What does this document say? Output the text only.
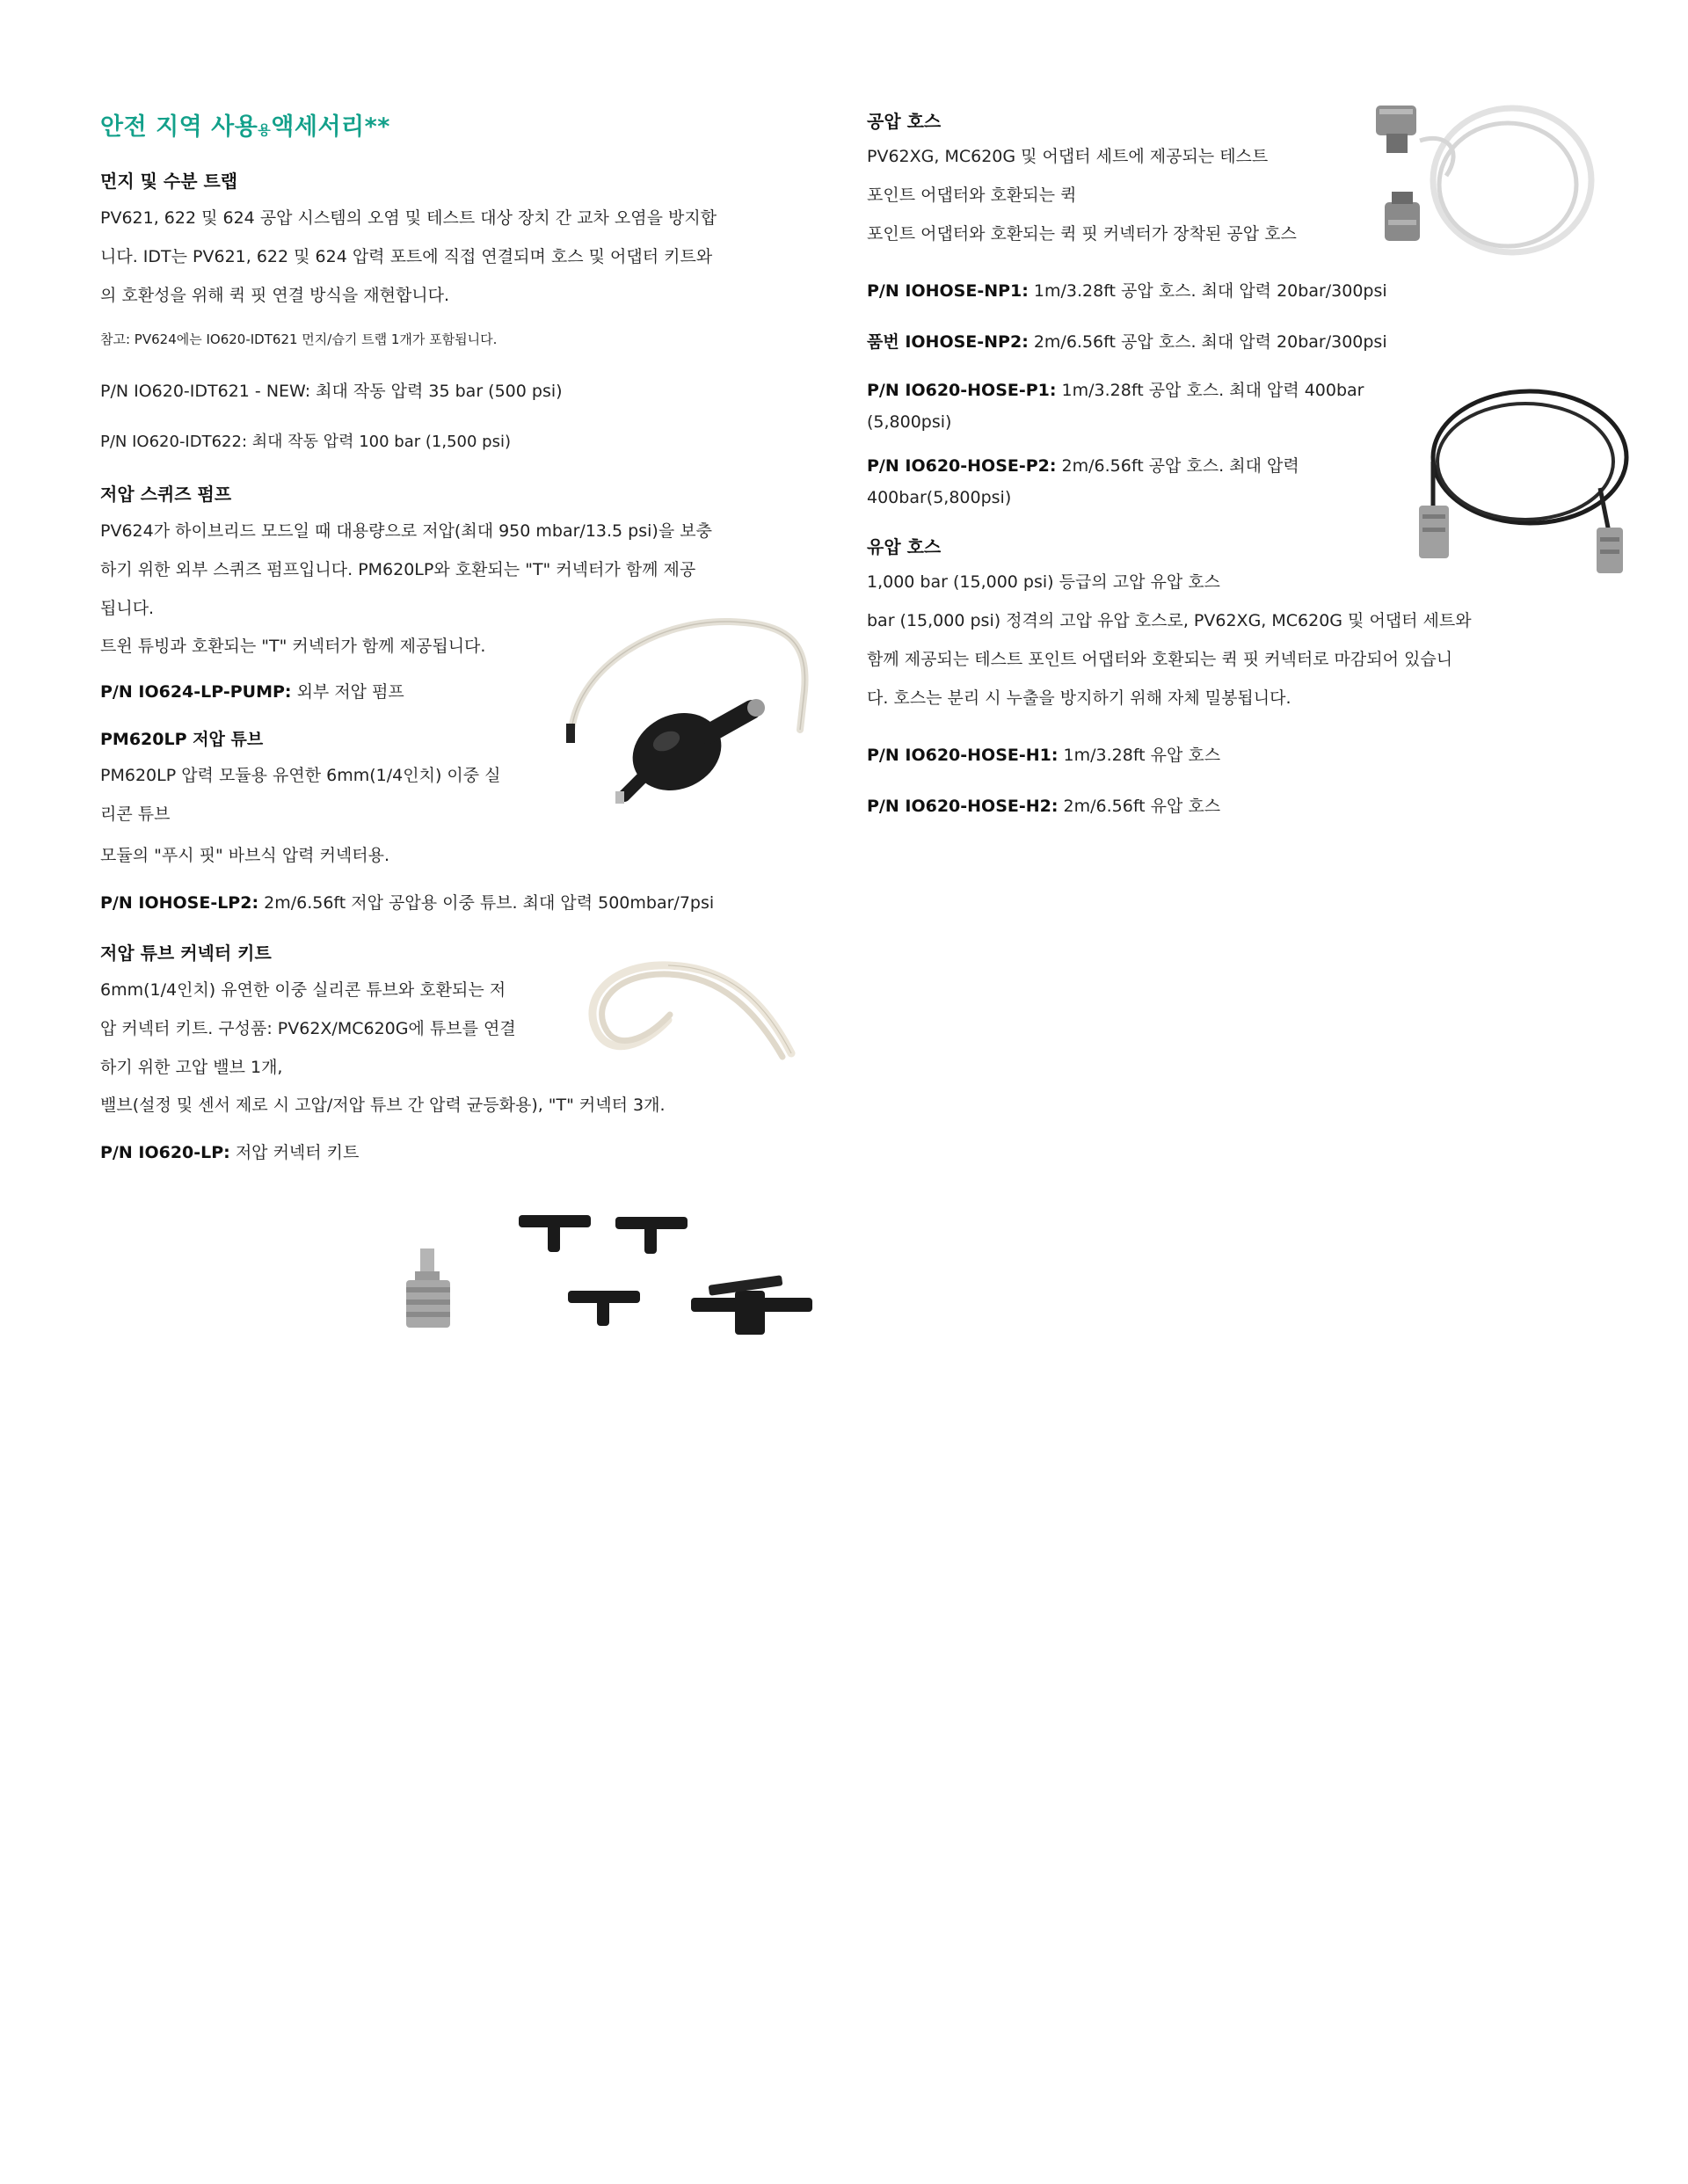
안전 지역 사용용액세서리**
먼지 및 수분 트랩
PV621, 622 및 624 공압 시스템의 오염 및 테스트 대상 장치 간 교차 오염을 방지합
니다. IDT는 PV621, 622 및 624 압력 포트에 직접 연결되며 호스 및 어댑터 키트와
의 호환성을 위해 퀵 핏 연결 방식을 재현합니다.
참고: PV624에는 IO620-IDT621 먼지/습기 트랩 1개가 포함됩니다.
P/N IO620-IDT621 - NEW: 최대 작동 압력 35 bar (500 psi)
P/N IO620-IDT622: 최대 작동 압력 100 bar (1,500 psi)
저압 스퀴즈 펌프
PV624가 하이브리드 모드일 때 대용량으로 저압(최대 950 mbar/13.5 psi)을 보충
하기 위한 외부 스퀴즈 펌프입니다. PM620LP와 호환되는 "T" 커넥터가 함께 제공
됩니다.
트윈 튜빙과 호환되는 "T" 커넥터가 함께 제공됩니다.
P/N IO624-LP-PUMP: 외부 저압 펌프
PM620LP 저압 튜브
PM620LP 압력 모듈용 유연한 6mm(1/4인치) 이중 실
리콘 튜브
모듈의 "푸시 핏" 바브식 압력 커넥터용.
P/N IOHOSE-LP2: 2m/6.56ft 저압 공압용 이중 튜브. 최대 압력 500mbar/7psi
저압 튜브 커넥터 키트
6mm(1/4인치) 유연한 이중 실리콘 튜브와 호환되는 저
압 커넥터 키트. 구성품: PV62X/MC620G에 튜브를 연결
하기 위한 고압 밸브 1개,
밸브(설정 및 센서 제로 시 고압/저압 튜브 간 압력 균등화용), "T" 커넥터 3개.
P/N IO620-LP: 저압 커넥터 키트
공압 호스
PV62XG, MC620G 및 어댑터 세트에 제공되는 테스트
포인트 어댑터와 호환되는 퀵
포인트 어댑터와 호환되는 퀵 핏 커넥터가 장착된 공압 호스
P/N IOHOSE-NP1: 1m/3.28ft 공압 호스. 최대 압력 20bar/300psi
품번 IOHOSE-NP2: 2m/6.56ft 공압 호스. 최대 압력 20bar/300psi
P/N IO620-HOSE-P1: 1m/3.28ft 공압 호스. 최대 압력 400bar
(5,800psi)
P/N IO620-HOSE-P2: 2m/6.56ft 공압 호스. 최대 압력
400bar(5,800psi)
유압 호스
1,000 bar (15,000 psi) 등급의 고압 유압 호스
bar (15,000 psi) 정격의 고압 유압 호스로, PV62XG, MC620G 및 어댑터 세트와
함께 제공되는 테스트 포인트 어댑터와 호환되는 퀵 핏 커넥터로 마감되어 있습니
다. 호스는 분리 시 누출을 방지하기 위해 자체 밀봉됩니다.
P/N IO620-HOSE-H1: 1m/3.28ft 유압 호스
P/N IO620-HOSE-H2: 2m/6.56ft 유압 호스
